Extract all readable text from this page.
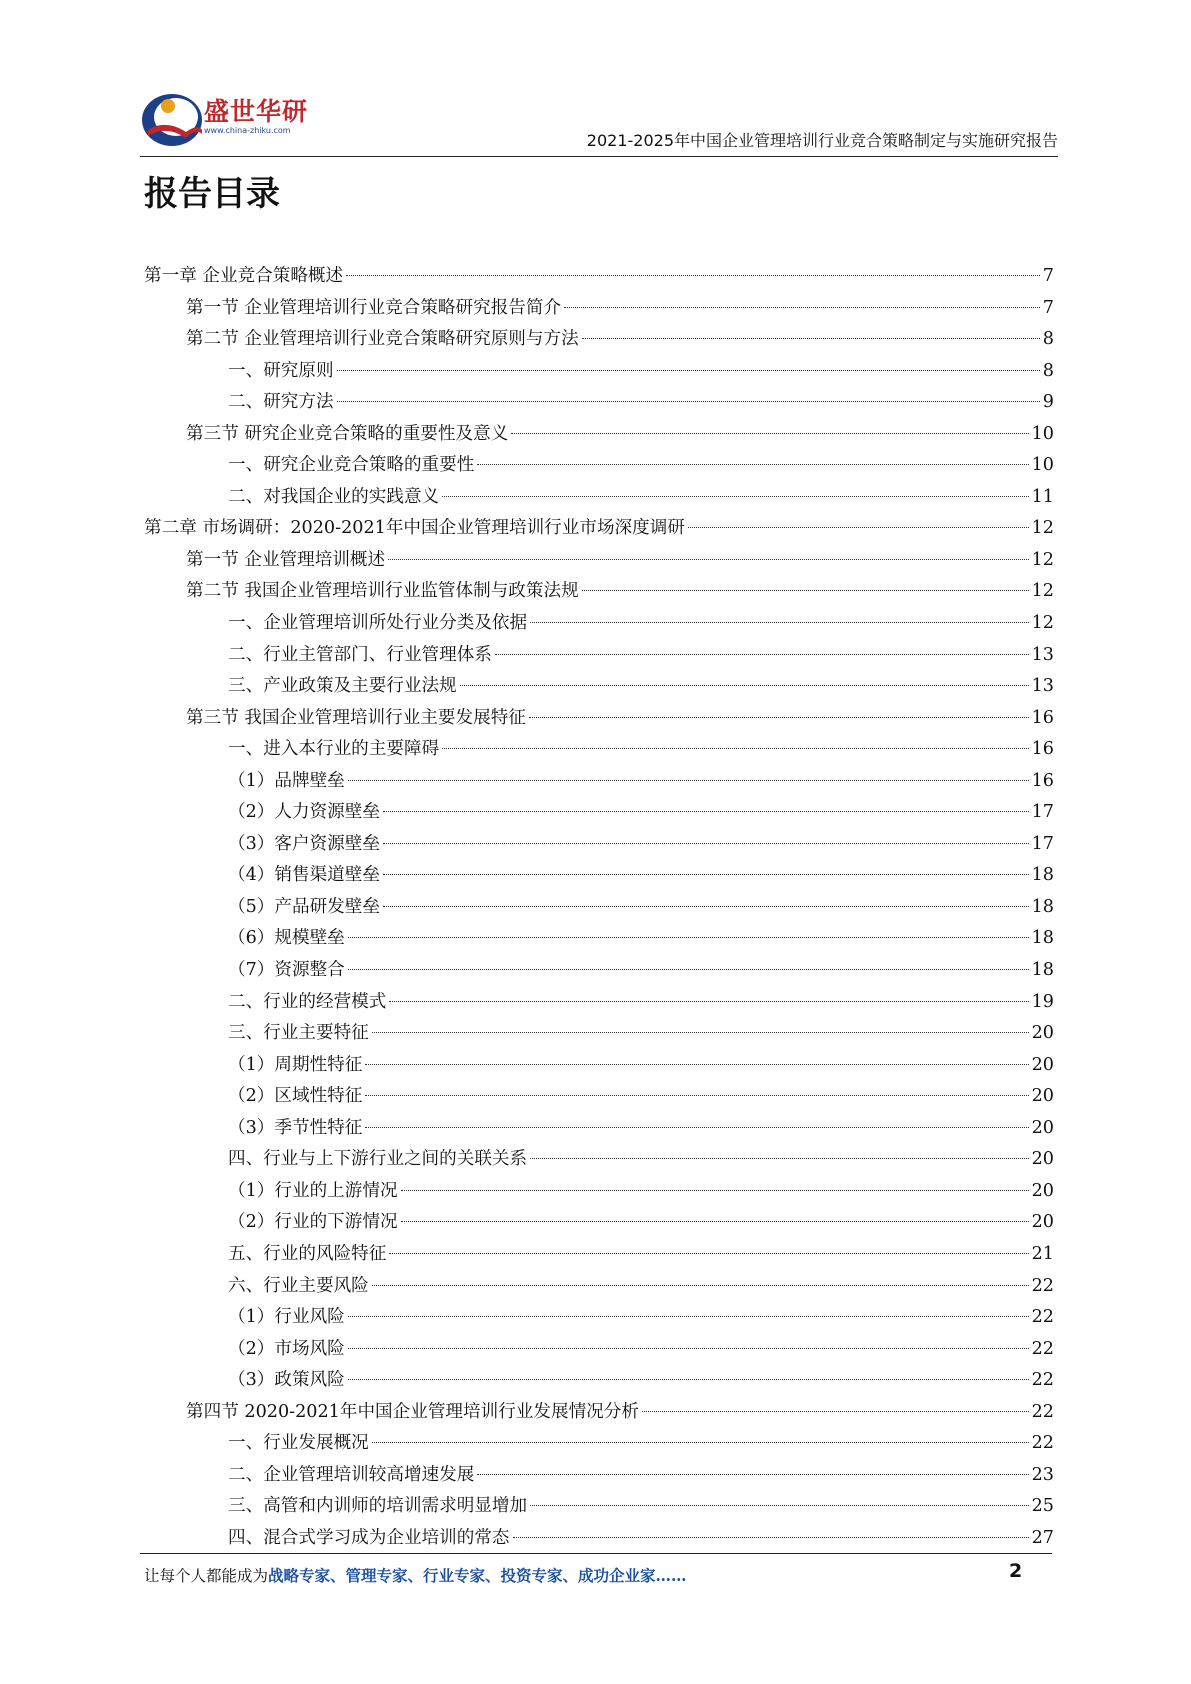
盛世华研
www.china-zhiku.com
2021-2025年中国企业管理培训行业竞合策略制定与实施研究报告
报告目录
第一章 企业竞合策略概述	7
第一节 企业管理培训行业竞合策略研究报告简介	7
第二节 企业管理培训行业竞合策略研究原则与方法	8
一、研究原则	8
二、研究方法	9
第三节 研究企业竞合策略的重要性及意义	10
一、研究企业竞合策略的重要性	10
二、对我国企业的实践意义	11
第二章 市场调研：2020-2021年中国企业管理培训行业市场深度调研	12
第一节 企业管理培训概述	12
第二节 我国企业管理培训行业监管体制与政策法规	12
一、企业管理培训所处行业分类及依据	12
二、行业主管部门、行业管理体系	13
三、产业政策及主要行业法规	13
第三节 我国企业管理培训行业主要发展特征	16
一、进入本行业的主要障碍	16
（1）品牌壁垒	16
（2）人力资源壁垒	17
（3）客户资源壁垒	17
（4）销售渠道壁垒	18
（5）产品研发壁垒	18
（6）规模壁垒	18
（7）资源整合	18
二、行业的经营模式	19
三、行业主要特征	20
（1）周期性特征	20
（2）区域性特征	20
（3）季节性特征	20
四、行业与上下游行业之间的关联关系	20
（1）行业的上游情况	20
（2）行业的下游情况	20
五、行业的风险特征	21
六、行业主要风险	22
（1）行业风险	22
（2）市场风险	22
（3）政策风险	22
第四节 2020-2021年中国企业管理培训行业发展情况分析	22
一、行业发展概况	22
二、企业管理培训较高增速发展	23
三、高管和内训师的培训需求明显增加	25
四、混合式学习成为企业培训的常态	27
让每个人都能成为战略专家、管理专家、行业专家、投资专家、成功企业家……	2
